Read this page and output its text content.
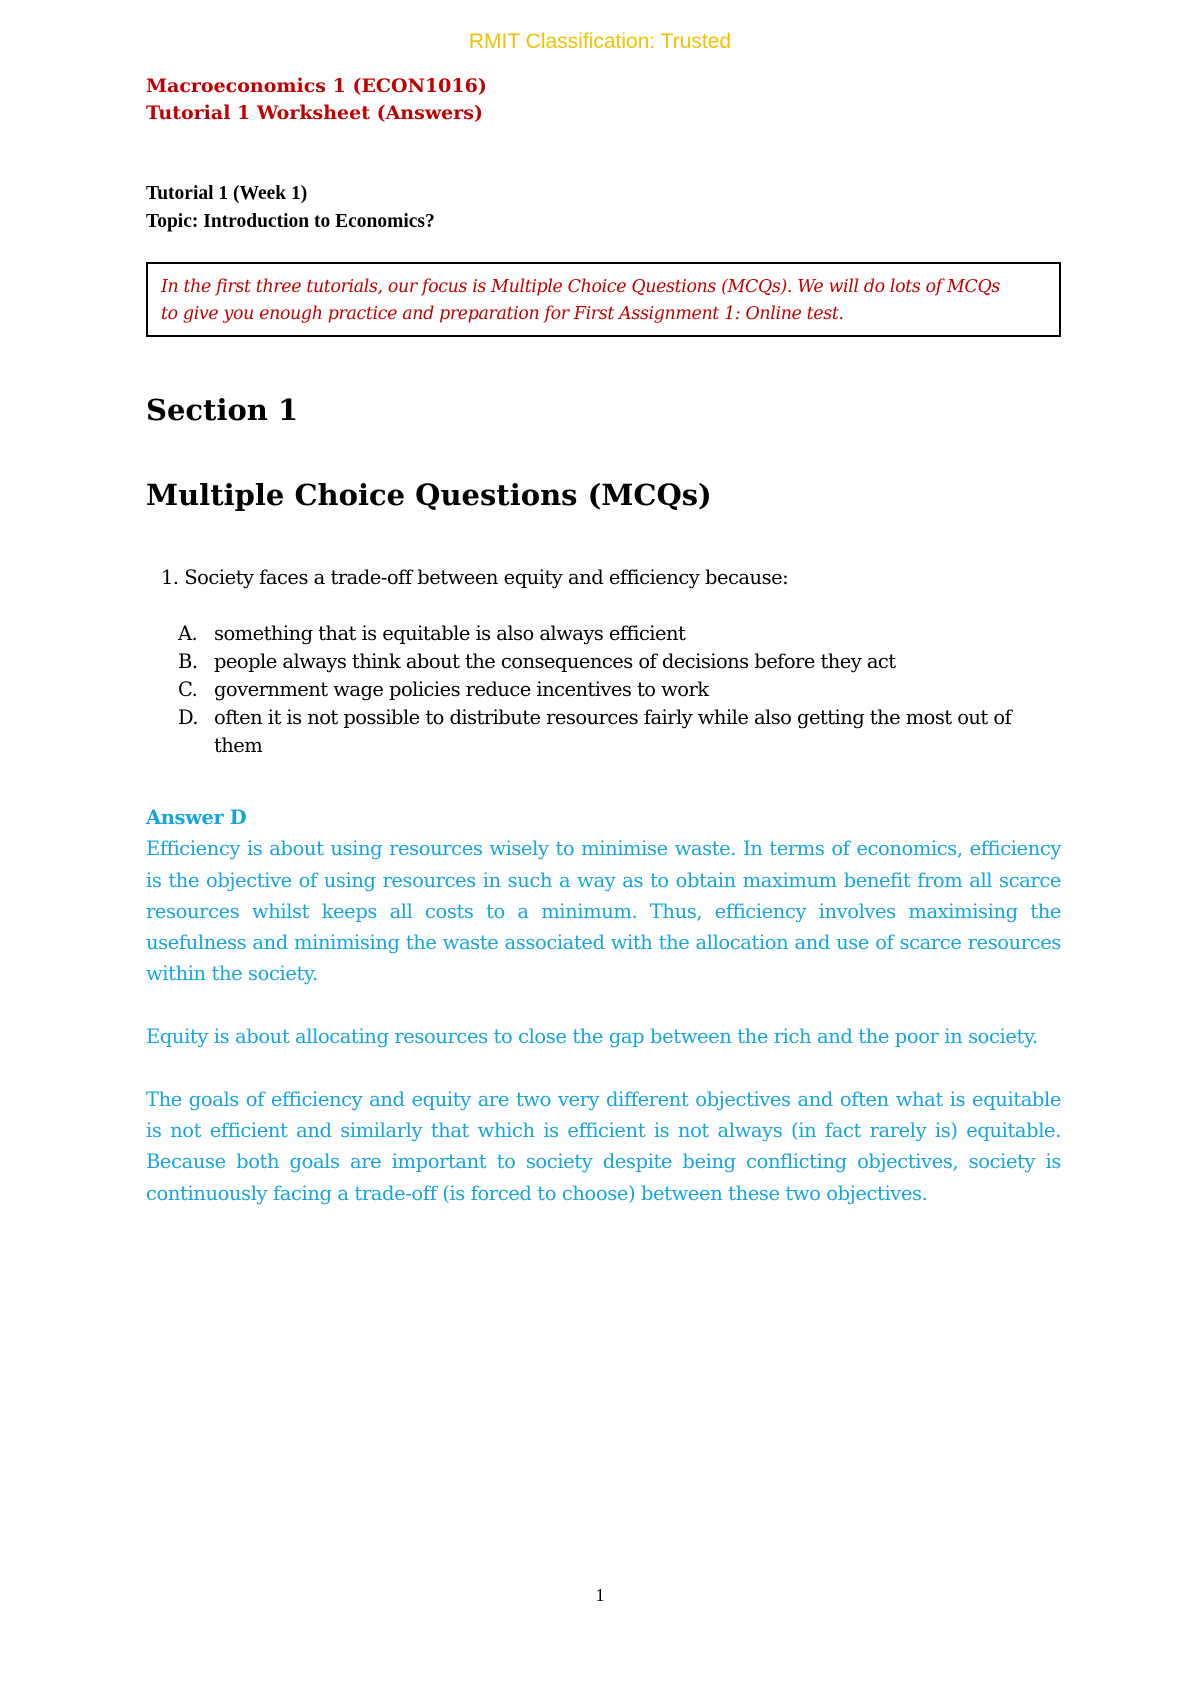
RMIT Classification: Trusted
Macroeconomics 1 (ECON1016)
Tutorial 1 Worksheet (Answers)
Tutorial 1 (Week 1)
Topic: Introduction to Economics?
In the first three tutorials, our focus is Multiple Choice Questions (MCQs). We will do lots of MCQs
to give you enough practice and preparation for First Assignment 1: Online test.
Section 1
Multiple Choice Questions (MCQs)
1. Society faces a trade-off between equity and efficiency because:
A. something that is equitable is also always efficient
B. people always think about the consequences of decisions before they act
C. government wage policies reduce incentives to work
D. often it is not possible to distribute resources fairly while also getting the most out of them
Answer D

Efficiency is about using resources wisely to minimise waste. In terms of economics, efficiency is the objective of using resources in such a way as to obtain maximum benefit from all scarce resources whilst keeps all costs to a minimum. Thus, efficiency involves maximising the usefulness and minimising the waste associated with the allocation and use of scarce resources within the society.

Equity is about allocating resources to close the gap between the rich and the poor in society.

The goals of efficiency and equity are two very different objectives and often what is equitable is not efficient and similarly that which is efficient is not always (in fact rarely is) equitable. Because both goals are important to society despite being conflicting objectives, society is continuously facing a trade-off (is forced to choose) between these two objectives.

1
